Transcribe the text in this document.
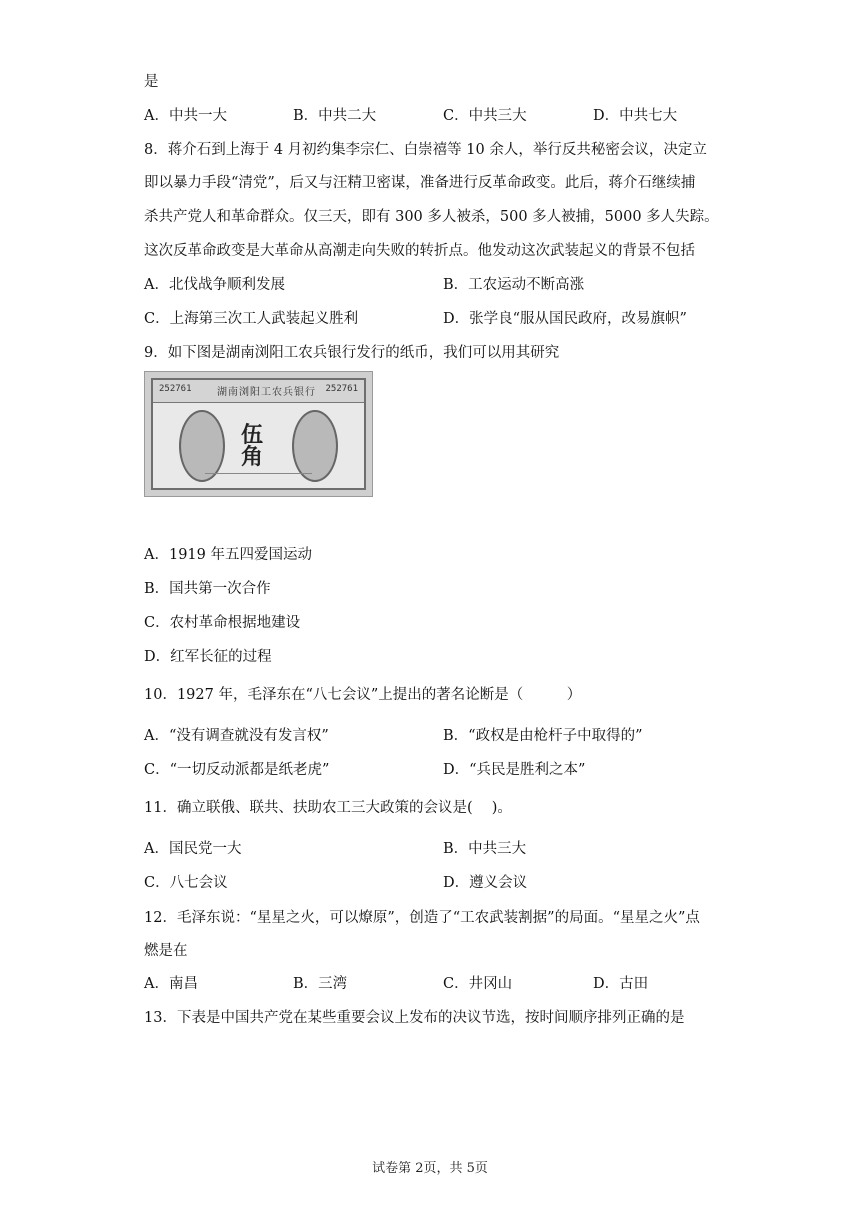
是
A．中共一大	B．中共二大	C．中共三大	D．中共七大
8．蒋介石到上海于 4 月初约集李宗仁、白崇禧等 10 余人，举行反共秘密会议，决定立
即以暴力手段“清党”，后又与汪精卫密谋，准备进行反革命政变。此后，蒋介石继续捕
杀共产党人和革命群众。仅三天，即有 300 多人被杀，500 多人被捕，5000 多人失踪。
这次反革命政变是大革命从高潮走向失败的转折点。他发动这次武装起义的背景不包括
A．北伐战争顺利发展	B．工农运动不断高涨
C．上海第三次工人武装起义胜利	D．张学良“服从国民政府，改易旗帜”
9．如下图是湖南浏阳工农兵银行发行的纸币，我们可以用其研究
252761	湖南浏阳工农兵银行 252761
伍角
A．1919 年五四爱国运动
B．国共第一次合作
C．农村革命根据地建设
D．红军长征的过程
10．1927 年，毛泽东在“八七会议”上提出的著名论断是（　　　）
A．“没有调查就没有发言权”	B．“政权是由枪杆子中取得的”
C．“一切反动派都是纸老虎”	D．“兵民是胜利之本”
11．确立联俄、联共、扶助农工三大政策的会议是(　 )。
A．国民党一大	B．中共三大
C．八七会议	D．遵义会议
12．毛泽东说：“星星之火，可以燎原”，创造了“工农武装割据”的局面。“星星之火”点
燃是在
A．南昌	B．三湾	C．井冈山	D．古田
13．下表是中国共产党在某些重要会议上发布的决议节选，按时间顺序排列正确的是
试卷第 2页，共 5页
